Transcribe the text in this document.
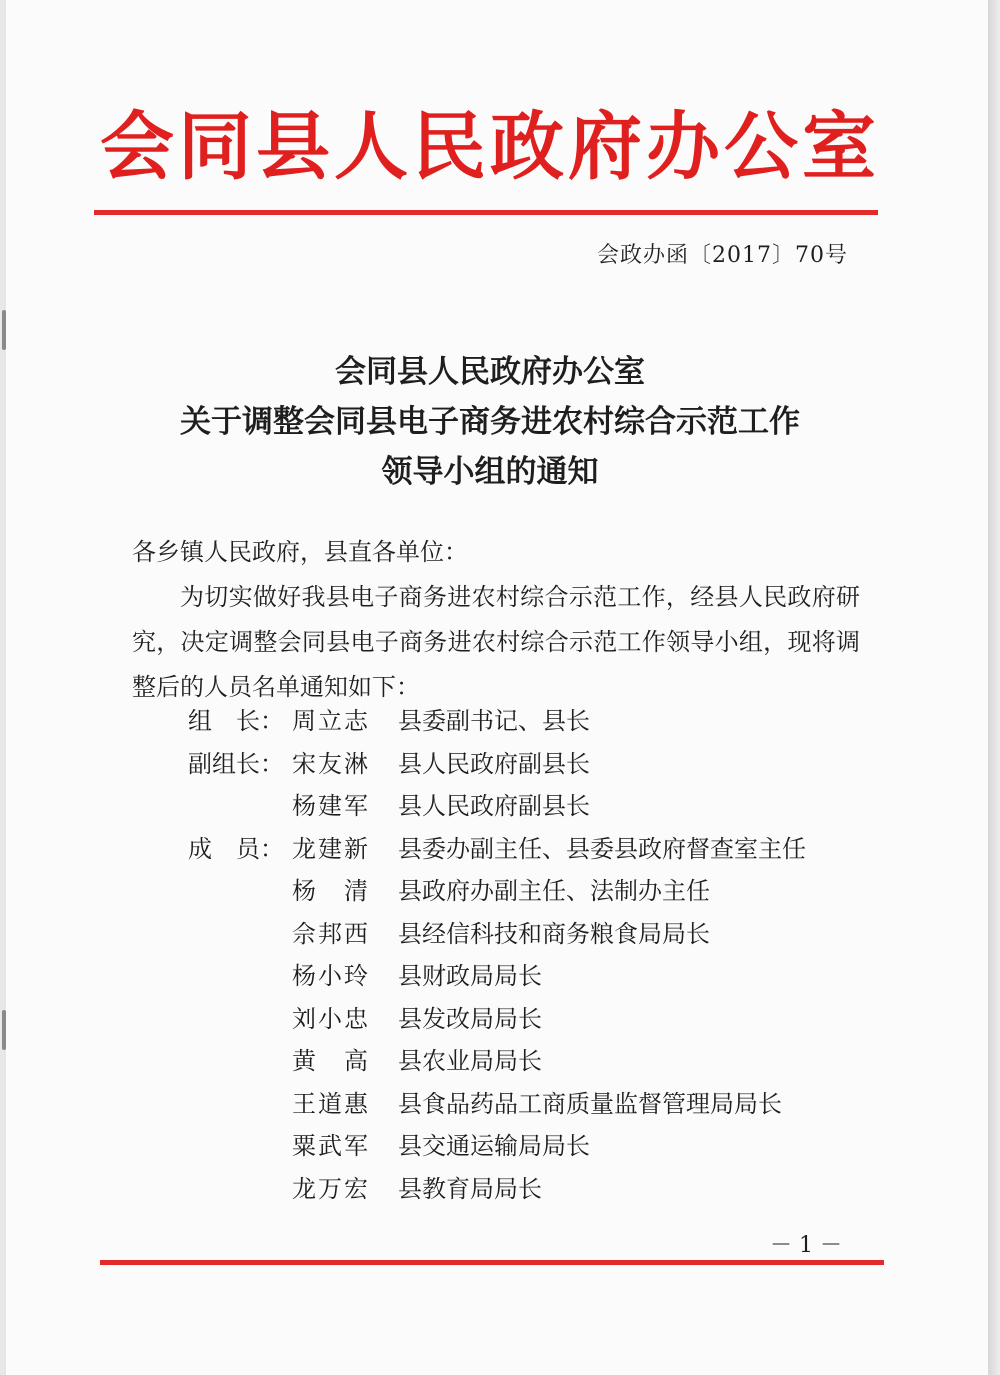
会同县人民政府办公室
会政办函〔2017〕70号
会同县人民政府办公室
关于调整会同县电子商务进农村综合示范工作
领导小组的通知
各乡镇人民政府，县直各单位：
为切实做好我县电子商务进农村综合示范工作，经县人民政府研究，决定调整会同县电子商务进农村综合示范工作领导小组，现将调整后的人员名单通知如下：
组　长： 周立志 县委副书记、县长
副组长： 宋友淋 县人民政府副县长
杨建军 县人民政府副县长
成　员： 龙建新 县委办副主任、县委县政府督查室主任
杨　清 县政府办副主任、法制办主任
佘邦西 县经信科技和商务粮食局局长
杨小玲 县财政局局长
刘小忠 县发改局局长
黄　高 县农业局局长
王道惠 县食品药品工商质量监督管理局局长
粟武军 县交通运输局局长
龙万宏 县教育局局长
－ 1 －
